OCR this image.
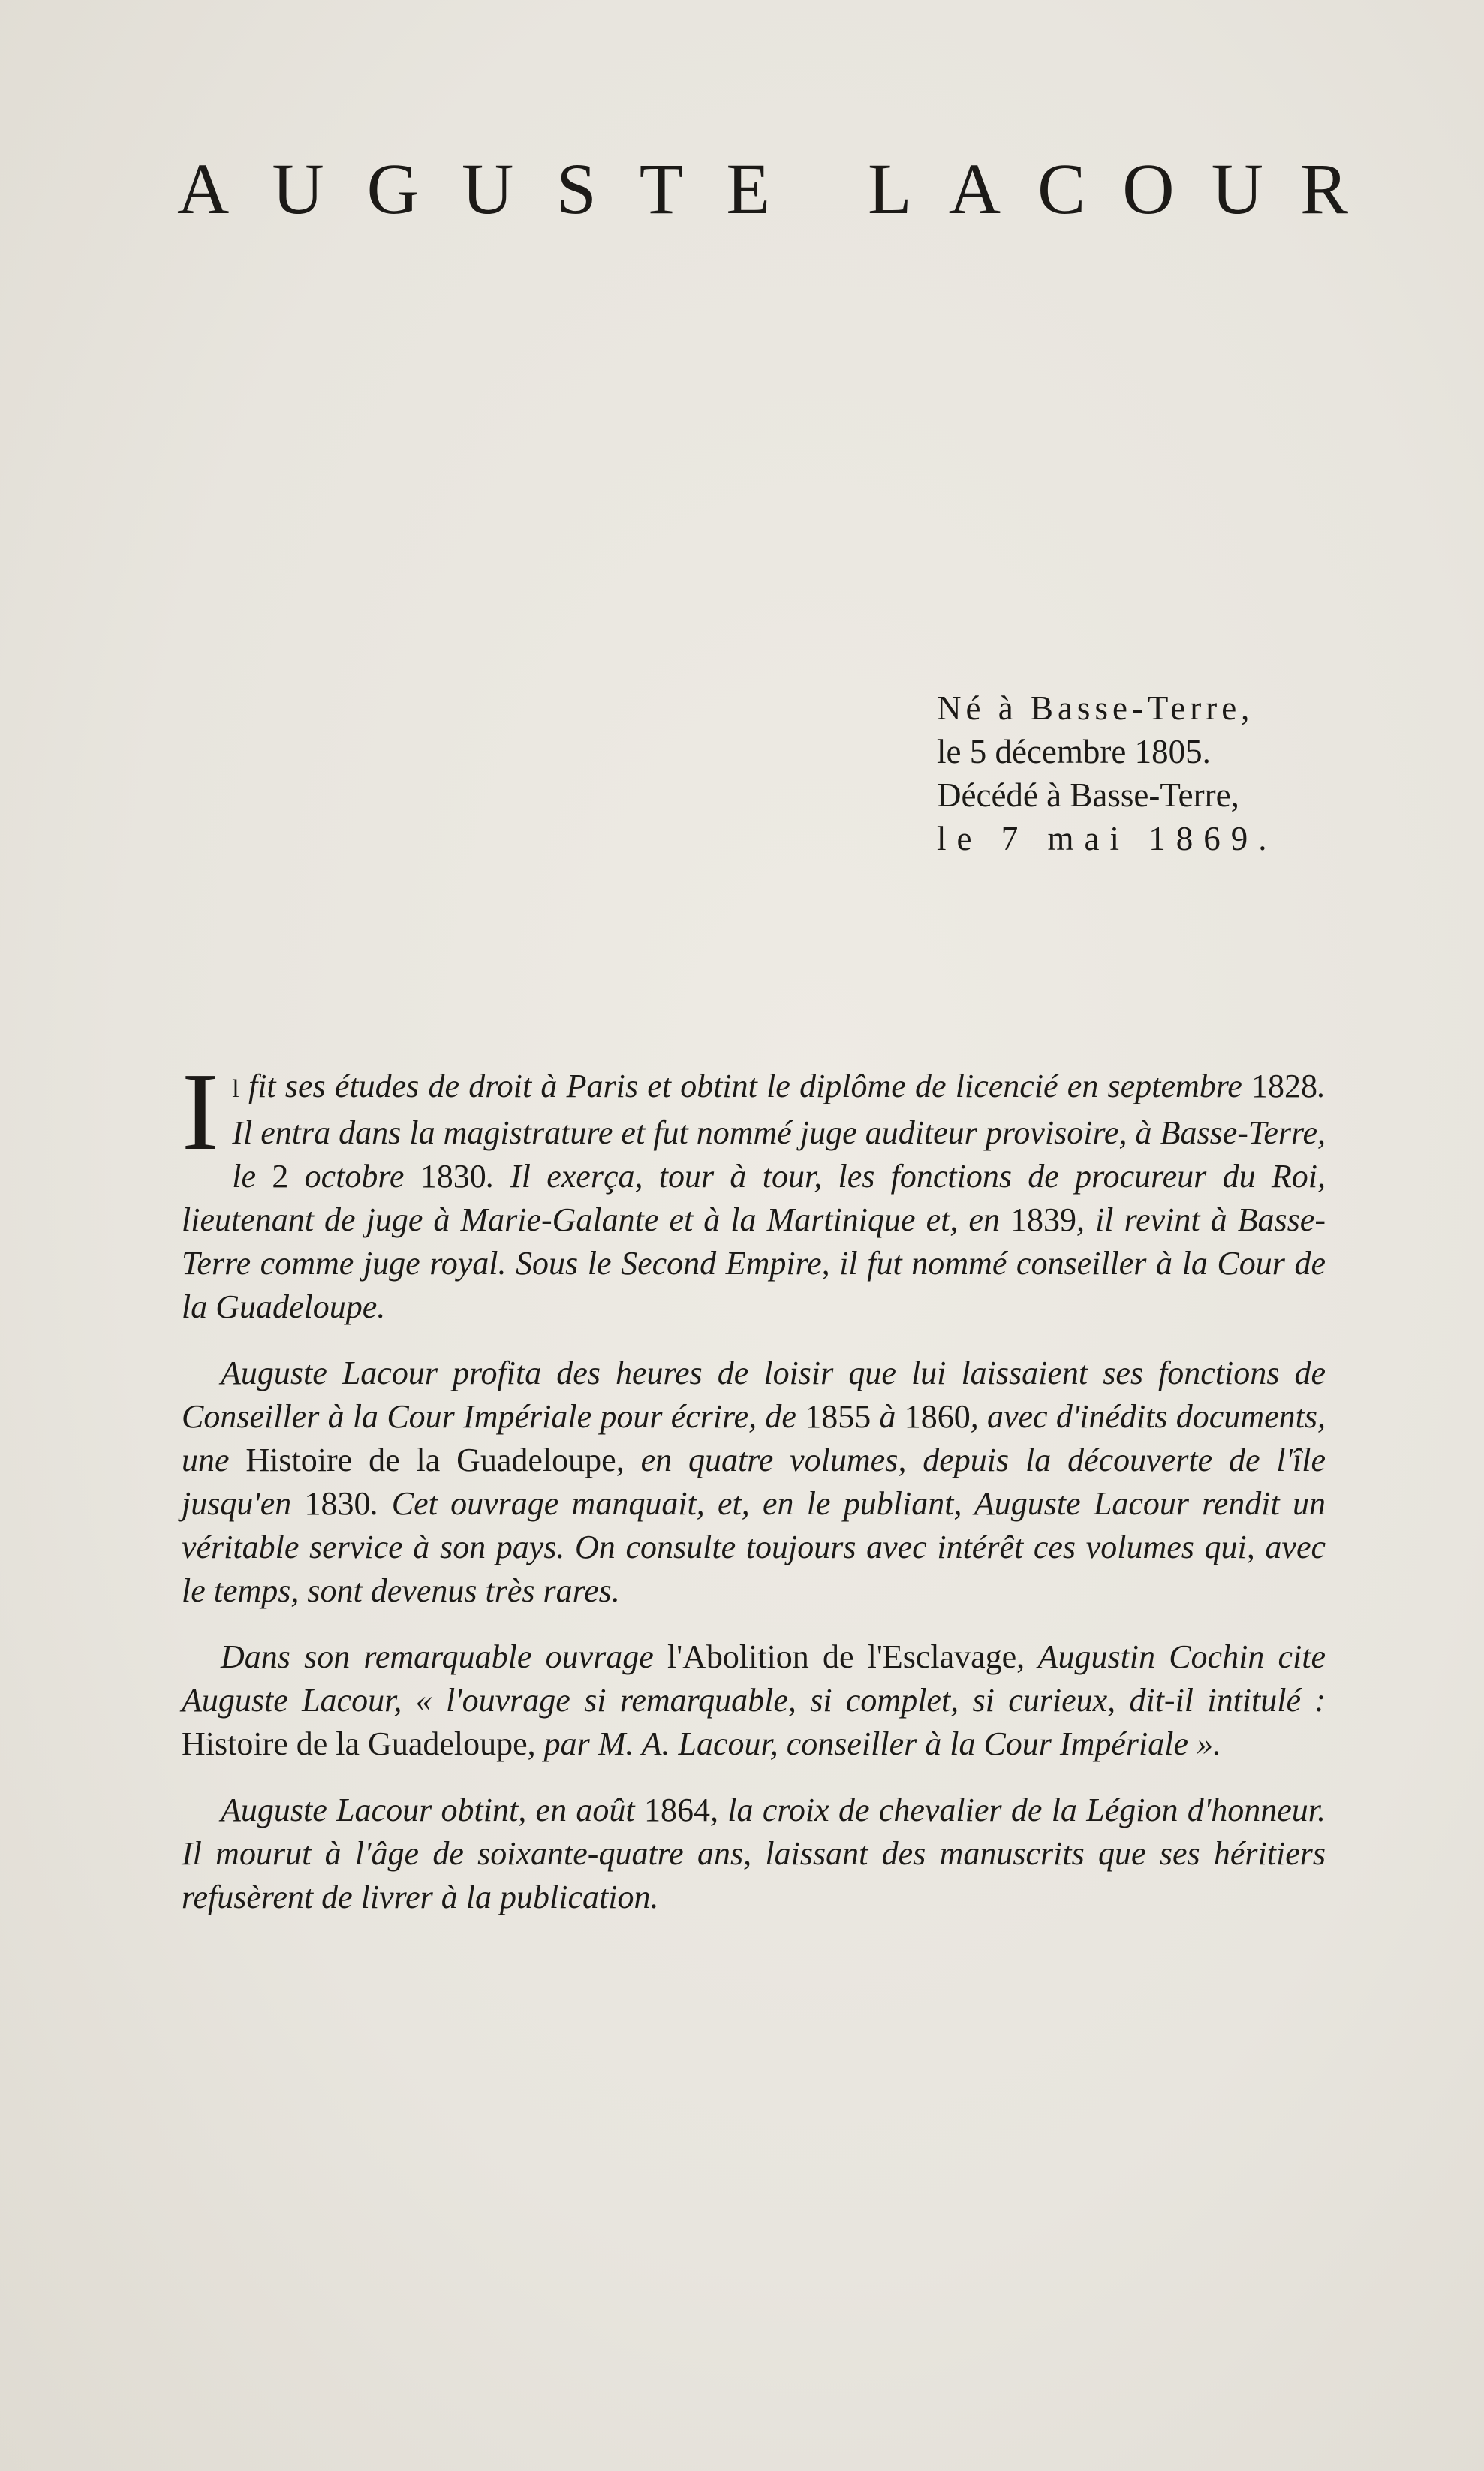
A U G U S T E L A C O U R
Né à Basse-Terre,
le 5 décembre 1805.
Décédé à Basse-Terre,
le 7 mai 1869.

Il fit ses études de droit à Paris et obtint le diplôme de licencié en septembre 1828. Il entra dans la magistrature et fut nommé juge auditeur provisoire, à Basse-Terre, le 2 octobre 1830. Il exerça, tour à tour, les fonctions de procureur du Roi, lieutenant de juge à Marie-Galante et à la Martinique et, en 1839, il revint à Basse-Terre comme juge royal. Sous le Second Empire, il fut nommé conseiller à la Cour de la Guadeloupe.

Auguste Lacour profita des heures de loisir que lui laissaient ses fonctions de Conseiller à la Cour Impériale pour écrire, de 1855 à 1860, avec d'inédits documents, une Histoire de la Guadeloupe, en quatre volumes, depuis la découverte de l'île jusqu'en 1830. Cet ouvrage manquait, et, en le publiant, Auguste Lacour rendit un véritable service à son pays. On consulte toujours avec intérêt ces volumes qui, avec le temps, sont devenus très rares.

Dans son remarquable ouvrage l'Abolition de l'Esclavage, Augustin Cochin cite Auguste Lacour, « l'ouvrage si remarquable, si complet, si curieux, dit-il intitulé : Histoire de la Guadeloupe, par M. A. Lacour, conseiller à la Cour Impériale ».

Auguste Lacour obtint, en août 1864, la croix de chevalier de la Légion d'honneur. Il mourut à l'âge de soixante-quatre ans, laissant des manuscrits que ses héritiers refusèrent de livrer à la publication.
